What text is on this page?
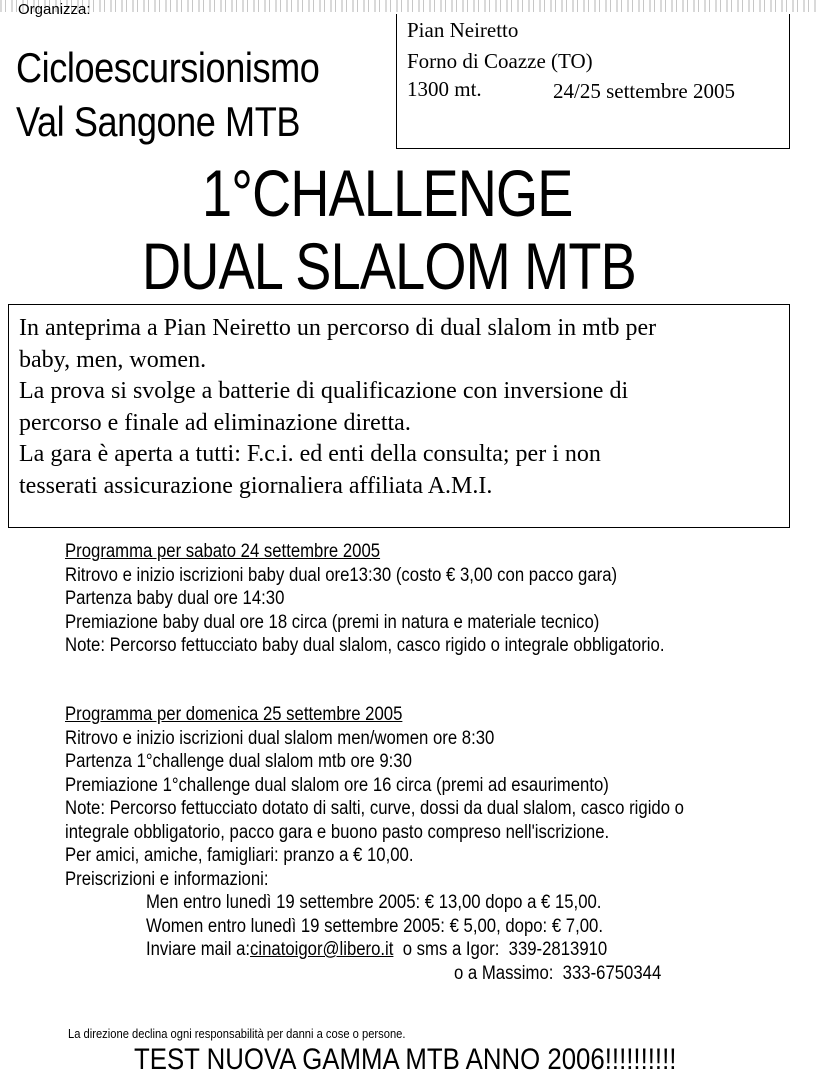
Organizza:
Cicloescursionismo
Val Sangone MTB
Pian Neiretto
Forno di Coazze (TO)
1300 mt.	24/25 settembre 2005
1°CHALLENGE
DUAL SLALOM MTB
In anteprima a Pian Neiretto un percorso di dual slalom in mtb per
baby, men, women.
La prova si svolge a batterie di qualificazione con inversione di
percorso e finale ad eliminazione diretta.
La gara è aperta a tutti: F.c.i. ed enti della consulta; per i non
tesserati assicurazione giornaliera affiliata A.M.I.
Programma per sabato 24 settembre 2005
Ritrovo e inizio iscrizioni baby dual ore13:30 (costo € 3,00 con pacco gara)
Partenza baby dual ore 14:30
Premiazione baby dual ore 18 circa (premi in natura e materiale tecnico)
Note: Percorso fettucciato baby dual slalom, casco rigido o integrale obbligatorio.
Programma per domenica 25 settembre 2005
Ritrovo e inizio iscrizioni dual slalom men/women ore 8:30
Partenza 1°challenge dual slalom mtb ore 9:30
Premiazione 1°challenge dual slalom ore 16 circa (premi ad esaurimento)
Note: Percorso fettucciato dotato di salti, curve, dossi da dual slalom, casco rigido o
integrale obbligatorio, pacco gara e buono pasto compreso nell'iscrizione.
Per amici, amiche, famigliari: pranzo a € 10,00.
Preiscrizioni e informazioni:
Men entro lunedì 19 settembre 2005: € 13,00 dopo a € 15,00.
Women entro lunedì 19 settembre 2005: € 5,00, dopo: € 7,00.
Inviare mail a:cinatoigor@libero.it o sms a Igor: 339-2813910
o a Massimo: 333-6750344
La direzione declina ogni responsabilità per danni a cose o persone.
TEST NUOVA GAMMA MTB ANNO 2006!!!!!!!!!!
